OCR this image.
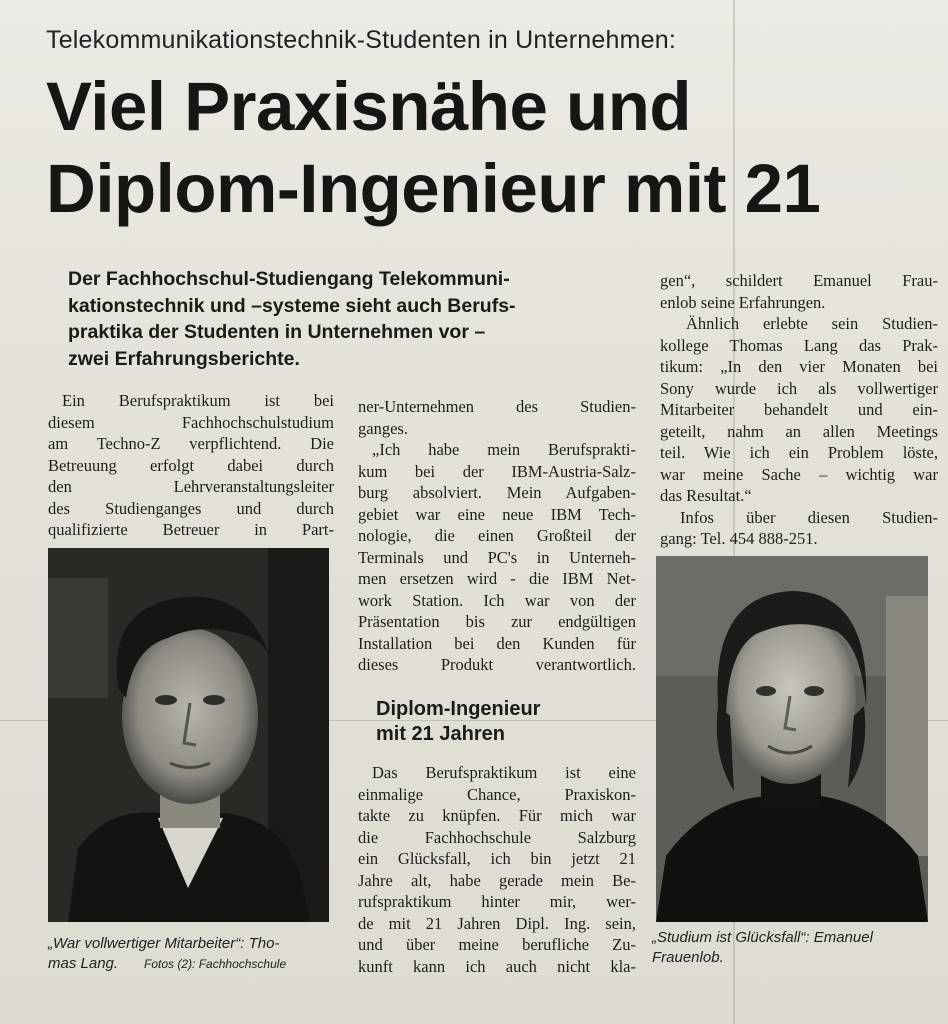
Telekommunikationstechnik-Studenten in Unternehmen:
Viel Praxisnähe und
Diplom-Ingenieur mit 21
Der Fachhochschul-Studiengang Telekommuni-
kationstechnik und –systeme sieht auch Berufs-
praktika der Studenten in Unternehmen vor –
zwei Erfahrungsberichte.
Ein Berufspraktikum ist bei
diesem Fachhochschulstudium
am Techno-Z verpflichtend. Die
Betreuung erfolgt dabei durch
den Lehrveranstaltungsleiter
des Studienganges und durch
qualifizierte Betreuer in Part-
„War vollwertiger Mitarbeiter“: Tho-
mas Lang. Fotos (2): Fachhochschule
ner-Unternehmen des Studien-
ganges.
„Ich habe mein Berufsprakti-
kum bei der IBM-Austria-Salz-
burg absolviert. Mein Aufgaben-
gebiet war eine neue IBM Tech-
nologie, die einen Großteil der
Terminals und PC's in Unterneh-
men ersetzen wird - die IBM Net-
work Station. Ich war von der
Präsentation bis zur endgültigen
Installation bei den Kunden für
dieses Produkt verantwortlich.
Diplom-Ingenieur
mit 21 Jahren
Das Berufspraktikum ist eine
einmalige Chance, Praxiskon-
takte zu knüpfen. Für mich war
die Fachhochschule Salzburg
ein Glücksfall, ich bin jetzt 21
Jahre alt, habe gerade mein Be-
rufspraktikum hinter mir, wer-
de mit 21 Jahren Dipl. Ing. sein,
und über meine berufliche Zu-
kunft kann ich auch nicht kla-
gen“, schildert Emanuel Frau-
enlob seine Erfahrungen.
Ähnlich erlebte sein Studien-
kollege Thomas Lang das Prak-
tikum: „In den vier Monaten bei
Sony wurde ich als vollwertiger
Mitarbeiter behandelt und ein-
geteilt, nahm an allen Meetings
teil. Wie ich ein Problem löste,
war meine Sache – wichtig war
das Resultat.“
Infos über diesen Studien-
gang: Tel. 454 888-251.
„Studium ist Glücksfall“: Emanuel
Frauenlob.
